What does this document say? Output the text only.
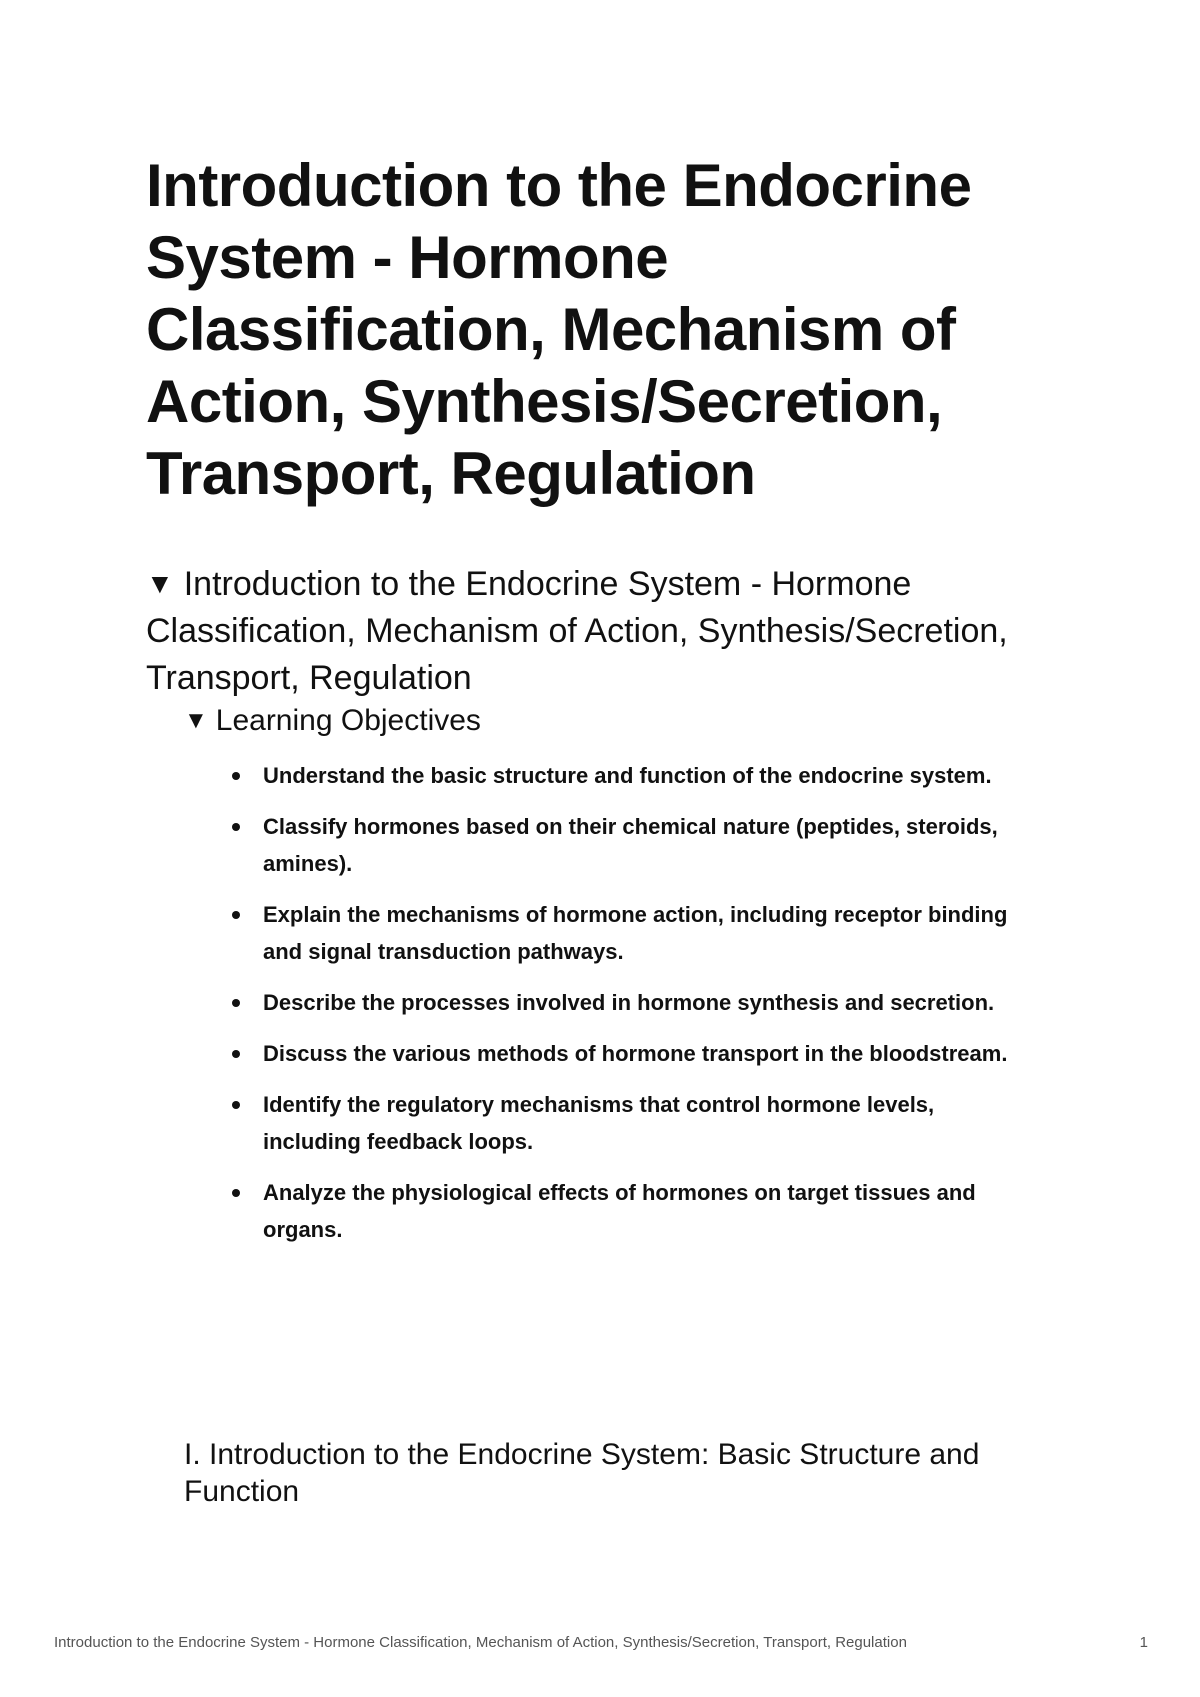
Introduction to the Endocrine System - Hormone Classification, Mechanism of Action, Synthesis/Secretion, Transport, Regulation
▼ Introduction to the Endocrine System - Hormone Classification, Mechanism of Action, Synthesis/Secretion, Transport, Regulation
▼ Learning Objectives
Understand the basic structure and function of the endocrine system.
Classify hormones based on their chemical nature (peptides, steroids, amines).
Explain the mechanisms of hormone action, including receptor binding and signal transduction pathways.
Describe the processes involved in hormone synthesis and secretion.
Discuss the various methods of hormone transport in the bloodstream.
Identify the regulatory mechanisms that control hormone levels, including feedback loops.
Analyze the physiological effects of hormones on target tissues and organs.
I. Introduction to the Endocrine System: Basic Structure and Function
Introduction to the Endocrine System - Hormone Classification, Mechanism of Action, Synthesis/Secretion, Transport, Regulation	1
